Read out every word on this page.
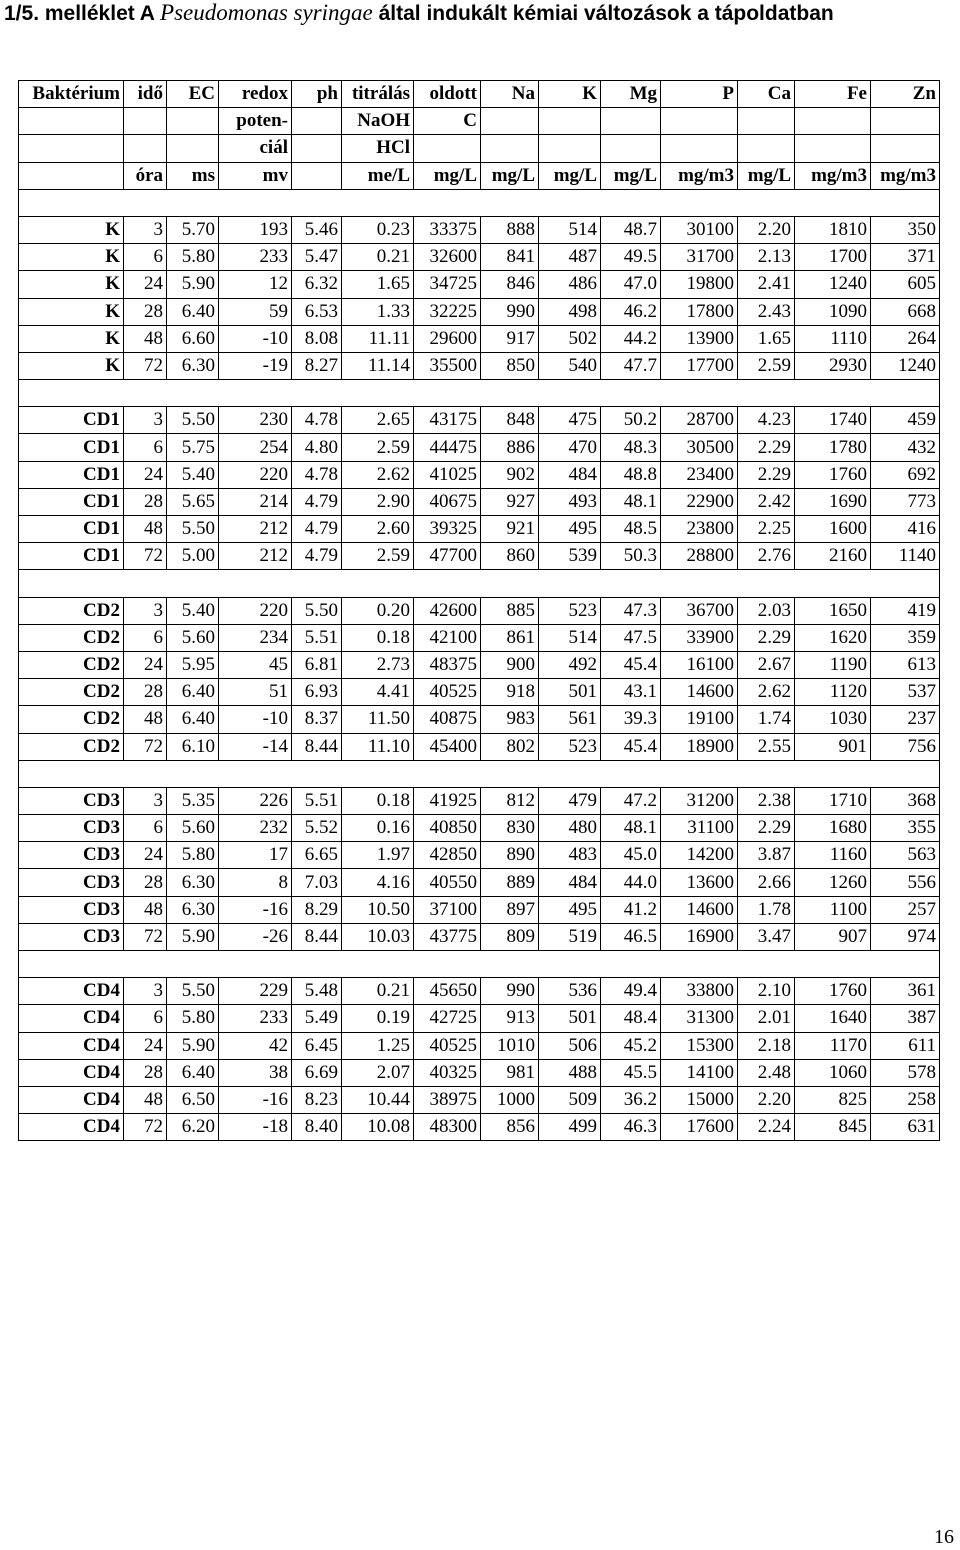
1/5. melléklet A Pseudomonas syringae által indukált kémiai változások a tápoldatban
Baktérium	idő	EC	redox	ph	titrálás	oldott	Na	K	Mg	P	Ca	Fe	Zn
			poten-		NaOH	C							
			ciál		HCl								
	óra	ms	mv		me/L	mg/L	mg/L	mg/L	mg/L	mg/m3	mg/L	mg/m3	mg/m3

K	3	5.70	193	5.46	0.23	33375	888	514	48.7	30100	2.20	1810	350
K	6	5.80	233	5.47	0.21	32600	841	487	49.5	31700	2.13	1700	371
K	24	5.90	12	6.32	1.65	34725	846	486	47.0	19800	2.41	1240	605
K	28	6.40	59	6.53	1.33	32225	990	498	46.2	17800	2.43	1090	668
K	48	6.60	-10	8.08	11.11	29600	917	502	44.2	13900	1.65	1110	264
K	72	6.30	-19	8.27	11.14	35500	850	540	47.7	17700	2.59	2930	1240

CD1	3	5.50	230	4.78	2.65	43175	848	475	50.2	28700	4.23	1740	459
CD1	6	5.75	254	4.80	2.59	44475	886	470	48.3	30500	2.29	1780	432
CD1	24	5.40	220	4.78	2.62	41025	902	484	48.8	23400	2.29	1760	692
CD1	28	5.65	214	4.79	2.90	40675	927	493	48.1	22900	2.42	1690	773
CD1	48	5.50	212	4.79	2.60	39325	921	495	48.5	23800	2.25	1600	416
CD1	72	5.00	212	4.79	2.59	47700	860	539	50.3	28800	2.76	2160	1140

CD2	3	5.40	220	5.50	0.20	42600	885	523	47.3	36700	2.03	1650	419
CD2	6	5.60	234	5.51	0.18	42100	861	514	47.5	33900	2.29	1620	359
CD2	24	5.95	45	6.81	2.73	48375	900	492	45.4	16100	2.67	1190	613
CD2	28	6.40	51	6.93	4.41	40525	918	501	43.1	14600	2.62	1120	537
CD2	48	6.40	-10	8.37	11.50	40875	983	561	39.3	19100	1.74	1030	237
CD2	72	6.10	-14	8.44	11.10	45400	802	523	45.4	18900	2.55	901	756

CD3	3	5.35	226	5.51	0.18	41925	812	479	47.2	31200	2.38	1710	368
CD3	6	5.60	232	5.52	0.16	40850	830	480	48.1	31100	2.29	1680	355
CD3	24	5.80	17	6.65	1.97	42850	890	483	45.0	14200	3.87	1160	563
CD3	28	6.30	8	7.03	4.16	40550	889	484	44.0	13600	2.66	1260	556
CD3	48	6.30	-16	8.29	10.50	37100	897	495	41.2	14600	1.78	1100	257
CD3	72	5.90	-26	8.44	10.03	43775	809	519	46.5	16900	3.47	907	974

CD4	3	5.50	229	5.48	0.21	45650	990	536	49.4	33800	2.10	1760	361
CD4	6	5.80	233	5.49	0.19	42725	913	501	48.4	31300	2.01	1640	387
CD4	24	5.90	42	6.45	1.25	40525	1010	506	45.2	15300	2.18	1170	611
CD4	28	6.40	38	6.69	2.07	40325	981	488	45.5	14100	2.48	1060	578
CD4	48	6.50	-16	8.23	10.44	38975	1000	509	36.2	15000	2.20	825	258
CD4	72	6.20	-18	8.40	10.08	48300	856	499	46.3	17600	2.24	845	631
16
